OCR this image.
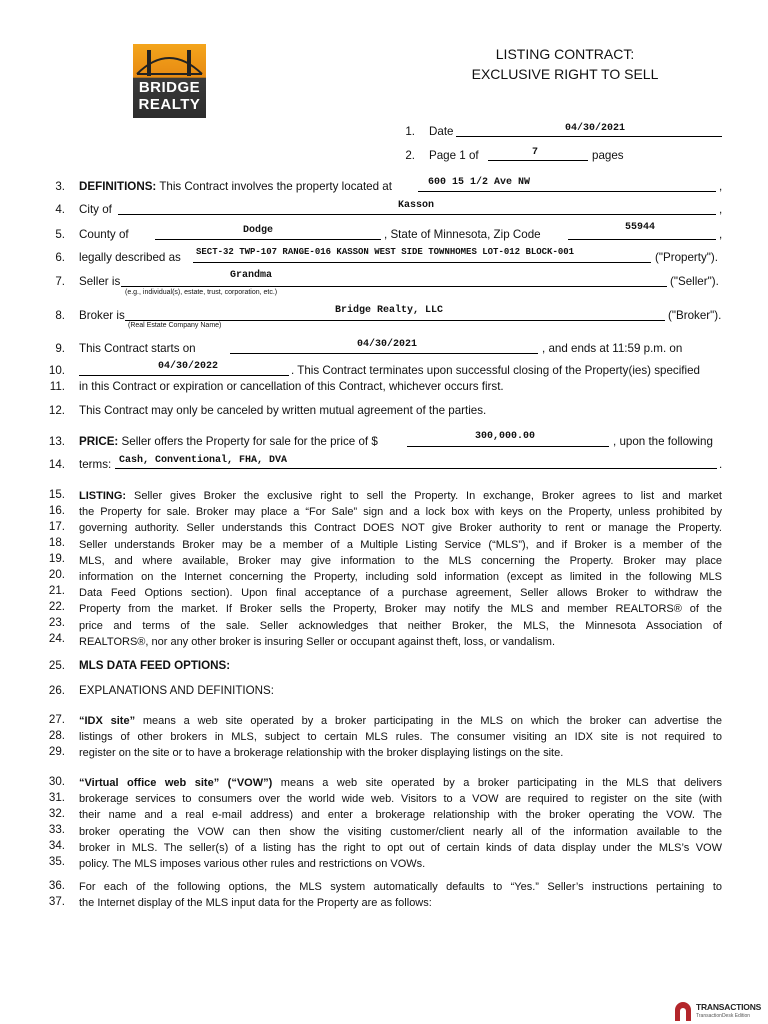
BRIDGE
REALTY
LISTING CONTRACT:
EXCLUSIVE RIGHT TO SELL
1. Date	04/30/2021
2. Page 1 of	7	pages
3. DEFINITIONS: This Contract involves the property located at	600 15 1/2 Ave NW	,
4. City of	Kasson	,
5. County of	Dodge	, State of Minnesota, Zip Code
55944
,
6. legally described as SECT-32 TWP-107 RANGE-016 KASSON WEST SIDE TOWNHOMES LOT-012 BLOCK-001	("Property").
7. Seller is	Grandma	("Seller").
(e.g., individual(s), estate, trust, corporation, etc.)
8. Broker is	Bridge Realty, LLC	("Broker").
(Real Estate Company Name)
9. This Contract starts on	04/30/2021	, and ends at 11:59 p.m. on
10.	04/30/2022	. This Contract terminates upon successful closing of the Property(ies) specified
11. in this Contract or expiration or cancellation of this Contract, whichever occurs first.
12. This Contract may only be canceled by written mutual agreement of the parties.
13. PRICE: Seller offers the Property for sale for the price of $	300,000.00	, upon the following
14. terms: Cash, Conventional, FHA, DVA	.
15.
16.
17.
18.
19.
20.
21.
22.
23.
24.
LISTING: Seller gives Broker the exclusive right to sell the Property. In exchange, Broker agrees to list and market
the Property for sale. Broker may place a “For Sale” sign and a lock box with keys on the Property, unless prohibited by
governing authority. Seller understands this Contract DOES NOT give Broker authority to rent or manage the Property.
Seller understands Broker may be a member of a Multiple Listing Service (“MLS”), and if Broker is a member of the
MLS, and where available, Broker may give information to the MLS concerning the Property. Broker may place
information on the Internet concerning the Property, including sold information (except as limited in the following MLS
Data Feed Options section). Upon final acceptance of a purchase agreement, Seller allows Broker to withdraw the
Property from the market. If Broker sells the Property, Broker may notify the MLS and member REALTORS® of the
price and terms of the sale. Seller acknowledges that neither Broker, the MLS, the Minnesota Association of
REALTORS®, nor any other broker is insuring Seller or occupant against theft, loss, or vandalism.
25. MLS DATA FEED OPTIONS:
26. EXPLANATIONS AND DEFINITIONS:
27.
28.
29.
“IDX site” means a web site operated by a broker participating in the MLS on which the broker can advertise the
listings of other brokers in MLS, subject to certain MLS rules. The consumer visiting an IDX site is not required to
register on the site or to have a brokerage relationship with the broker displaying listings on the site.
30.
31.
32.
33.
34.
35.
“Virtual office web site” (“VOW”) means a web site operated by a broker participating in the MLS that delivers
brokerage services to consumers over the world wide web. Visitors to a VOW are required to register on the site (with
their name and a real e-mail address) and enter a brokerage relationship with the broker operating the VOW. The
broker operating the VOW can then show the visiting customer/client nearly all of the information available to the
broker in MLS. The seller(s) of a listing has the right to opt out of certain kinds of data display under the MLS’s VOW
policy. The MLS imposes various other rules and restrictions on VOWs.
36.
37.
For each of the following options, the MLS system automatically defaults to “Yes.” Seller’s instructions pertaining to
the Internet display of the MLS input data for the Property are as follows:
TRANSACTIONS
TransactionDesk Edition
